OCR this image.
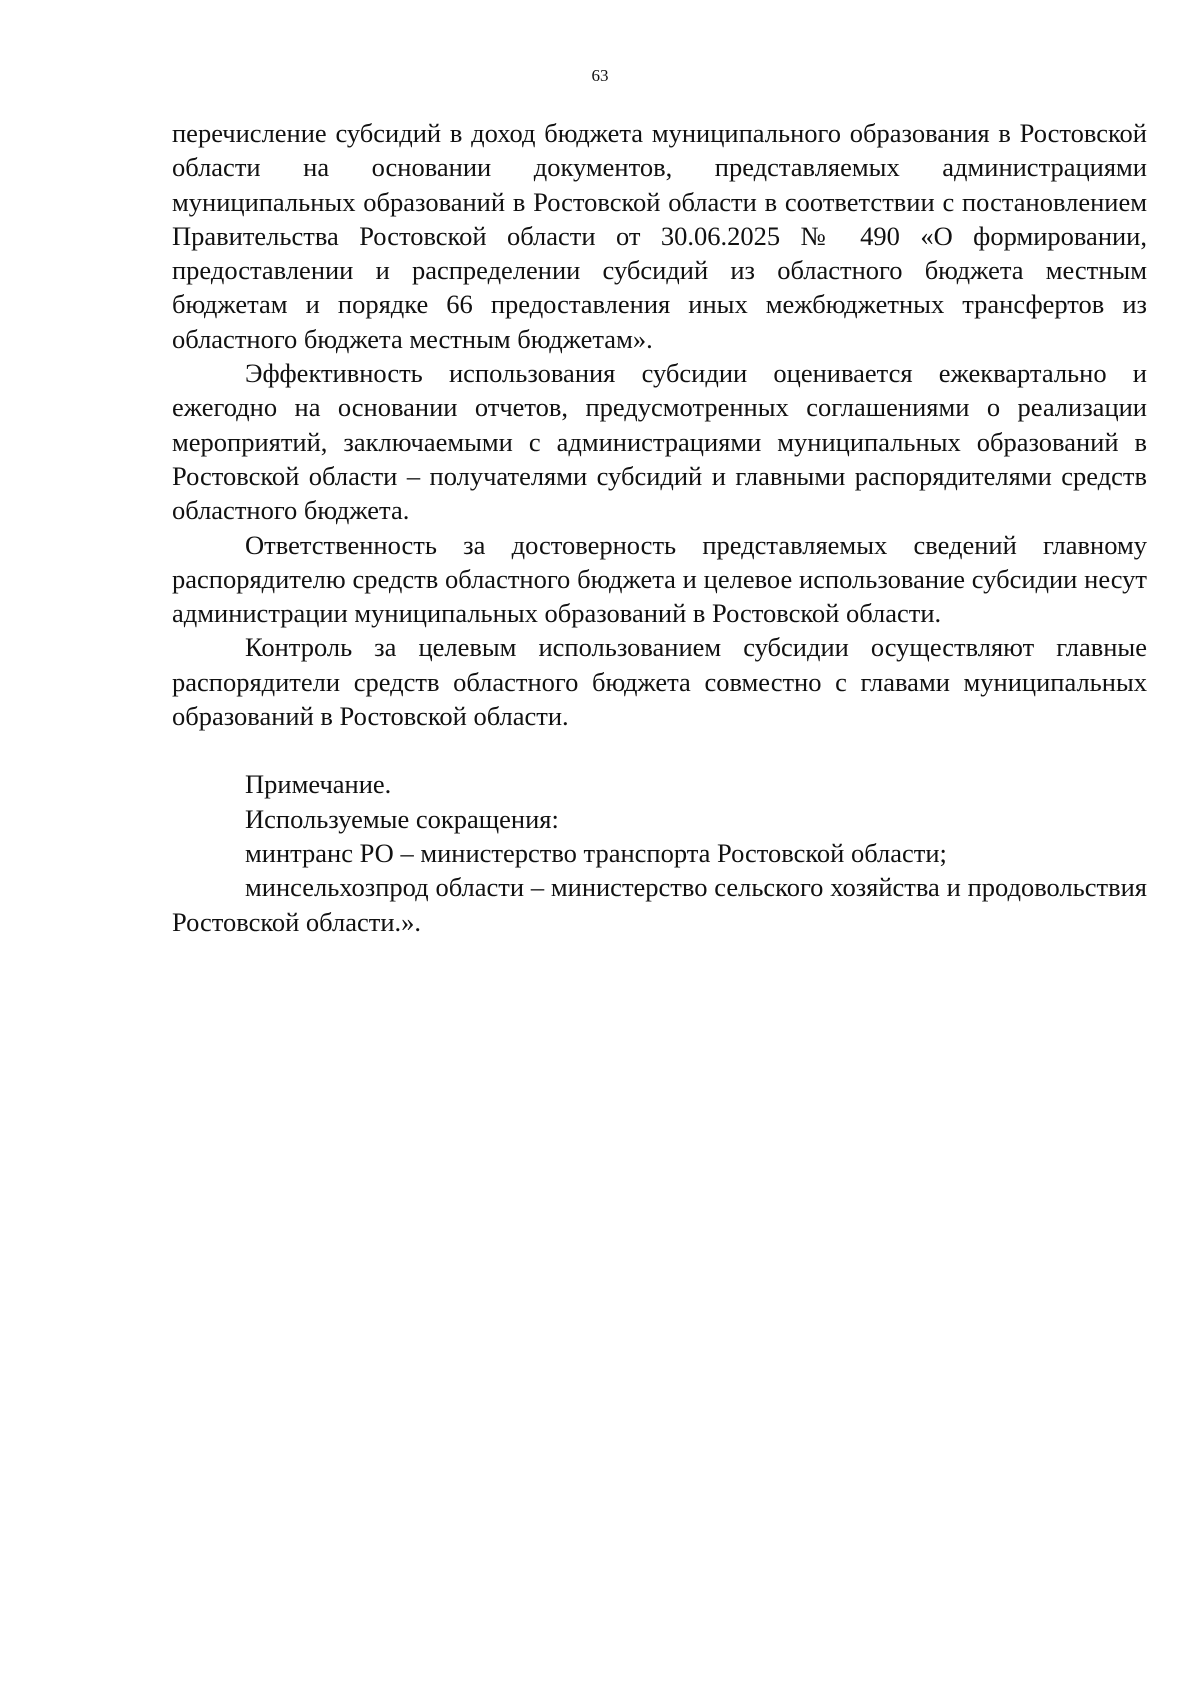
63

перечисление субсидий в доход бюджета муниципального образования в Ростовской области на основании документов, представляемых администрациями муниципальных образований в Ростовской области в соответствии с постановлением Правительства Ростовской области от 30.06.2025 № 490 «О формировании, предоставлении и распределении субсидий из областного бюджета местным бюджетам и порядке 66 предоставления иных межбюджетных трансфертов из областного бюджета местным бюджетам».

Эффективность использования субсидии оценивается ежеквартально и ежегодно на основании отчетов, предусмотренных соглашениями о реализации мероприятий, заключаемыми с администрациями муниципальных образований в Ростовской области – получателями субсидий и главными распорядителями средств областного бюджета.

Ответственность за достоверность представляемых сведений главному распорядителю средств областного бюджета и целевое использование субсидии несут администрации муниципальных образований в Ростовской области.

Контроль за целевым использованием субсидии осуществляют главные распорядители средств областного бюджета совместно с главами муниципальных образований в Ростовской области.

Примечание.

Используемые сокращения:

минтранс РО – министерство транспорта Ростовской области;

минсельхозпрод области – министерство сельского хозяйства и продовольствия Ростовской области.».
